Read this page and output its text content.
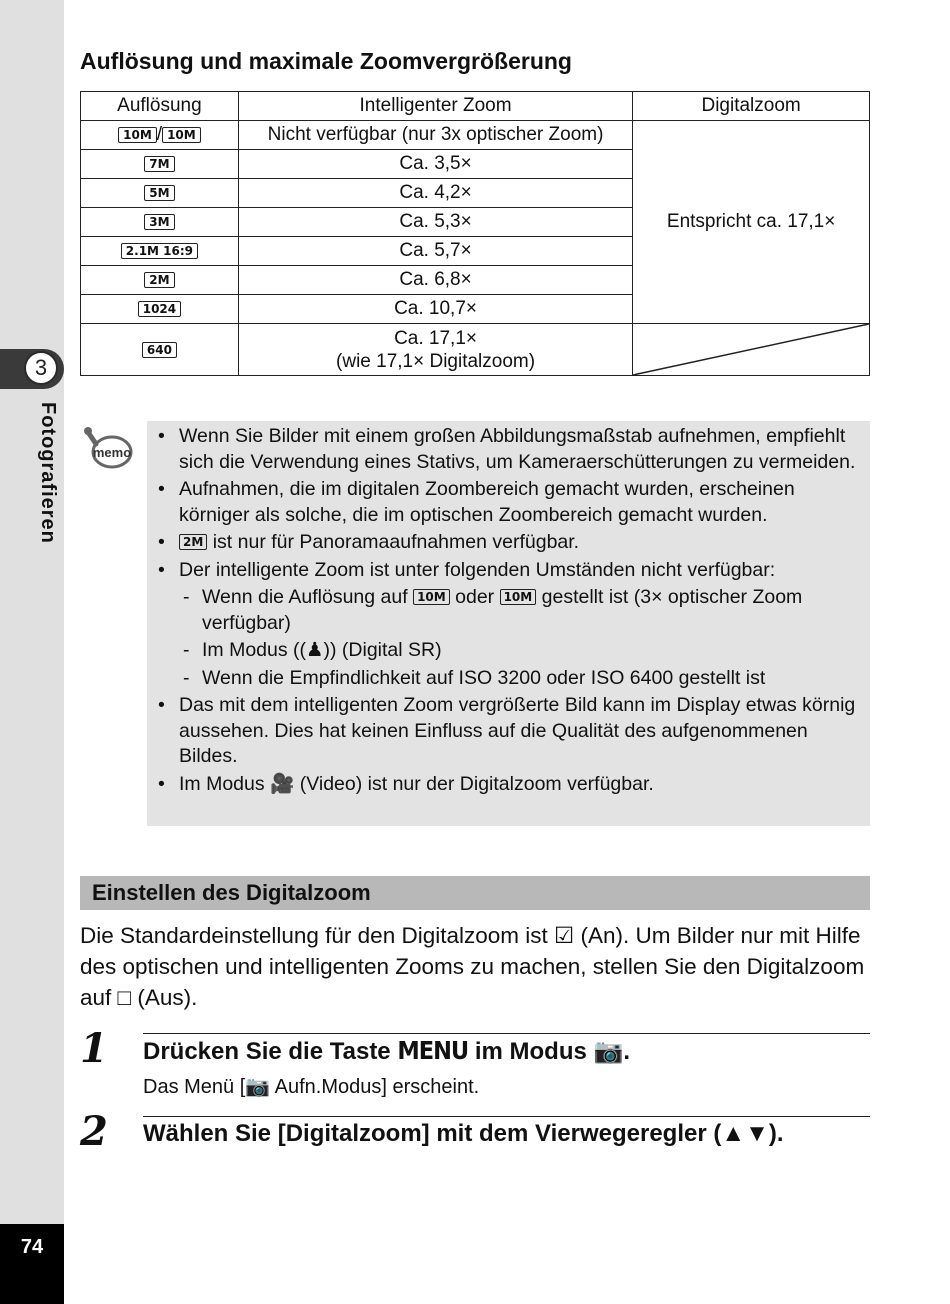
3
Fotografieren
74
Auflösung und maximale Zoomvergrößerung
Auflösung	Intelligenter Zoom	Digitalzoom
10M / 10M	Nicht verfügbar (nur 3x optischer Zoom)	Entspricht ca. 17,1×
7M	Ca. 3,5×	
5M	Ca. 4,2×	
3M	Ca. 5,3×	
2.1M 16:9	Ca. 5,7×	
2M	Ca. 6,8×	
1024	Ca. 10,7×	
640	Ca. 17,1×
(wie 17,1× Digitalzoom)

memo
• Wenn Sie Bilder mit einem großen Abbildungsmaßstab aufnehmen, empfiehlt sich die Verwendung eines Stativs, um Kameraerschütterungen zu vermeiden.
• Aufnahmen, die im digitalen Zoombereich gemacht wurden, erscheinen körniger als solche, die im optischen Zoombereich gemacht wurden.
• 2M ist nur für Panoramaaufnahmen verfügbar.
• Der intelligente Zoom ist unter folgenden Umständen nicht verfügbar:
- Wenn die Auflösung auf 10M oder 10M gestellt ist (3× optischer Zoom verfügbar)
- Im Modus ((♟)) (Digital SR)
- Wenn die Empfindlichkeit auf ISO 3200 oder ISO 6400 gestellt ist
• Das mit dem intelligenten Zoom vergrößerte Bild kann im Display etwas körnig aussehen. Dies hat keinen Einfluss auf die Qualität des aufgenommenen Bildes.
• Im Modus 🎥 (Video) ist nur der Digitalzoom verfügbar.
Einstellen des Digitalzoom
Die Standardeinstellung für den Digitalzoom ist ☑ (An). Um Bilder nur mit Hilfe des optischen und intelligenten Zooms zu machen, stellen Sie den Digitalzoom auf □ (Aus).
1 Drücken Sie die Taste MENU im Modus 📷.
Das Menü [📷 Aufn.Modus] erscheint.
2 Wählen Sie [Digitalzoom] mit dem Vierwegeregler (▲▼).
